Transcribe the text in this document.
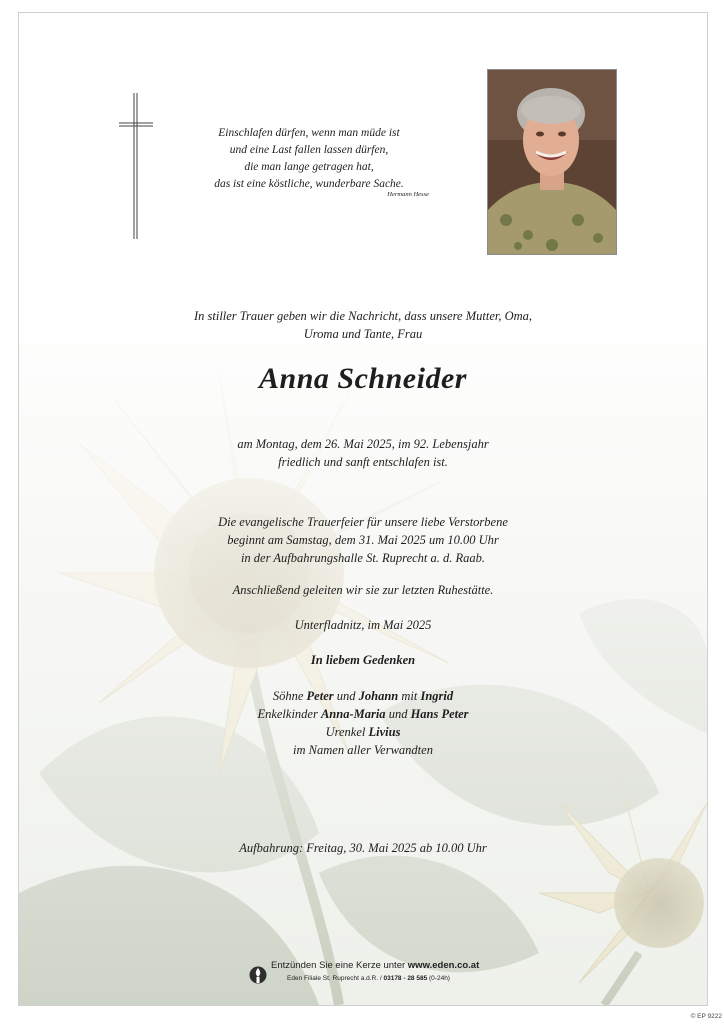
Einschlafen dürfen, wenn man müde ist
und eine Last fallen lassen dürfen,
die man lange getragen hat,
das ist eine köstliche, wunderbare Sache.
Hermann Hesse
In stiller Trauer geben wir die Nachricht, dass unsere Mutter, Oma,
Uroma und Tante, Frau
Anna Schneider
am Montag, dem 26. Mai 2025, im 92. Lebensjahr
friedlich und sanft entschlafen ist.
Die evangelische Trauerfeier für unsere liebe Verstorbene
beginnt am Samstag, dem 31. Mai 2025 um 10.00 Uhr
in der Aufbahrungshalle St. Ruprecht a. d. Raab.
Anschließend geleiten wir sie zur letzten Ruhestätte.
Unterfladnitz, im Mai 2025
In liebem Gedenken
Söhne Peter und Johann mit Ingrid
Enkelkinder Anna-Maria und Hans Peter
Urenkel Livius
im Namen aller Verwandten
Aufbahrung: Freitag, 30. Mai 2025 ab 10.00 Uhr
Entzünden Sie eine Kerze unter www.eden.co.at
Eden Filiale St. Ruprecht a.d.R. / 03178 - 28 585 (0-24h)
© EP 9222
